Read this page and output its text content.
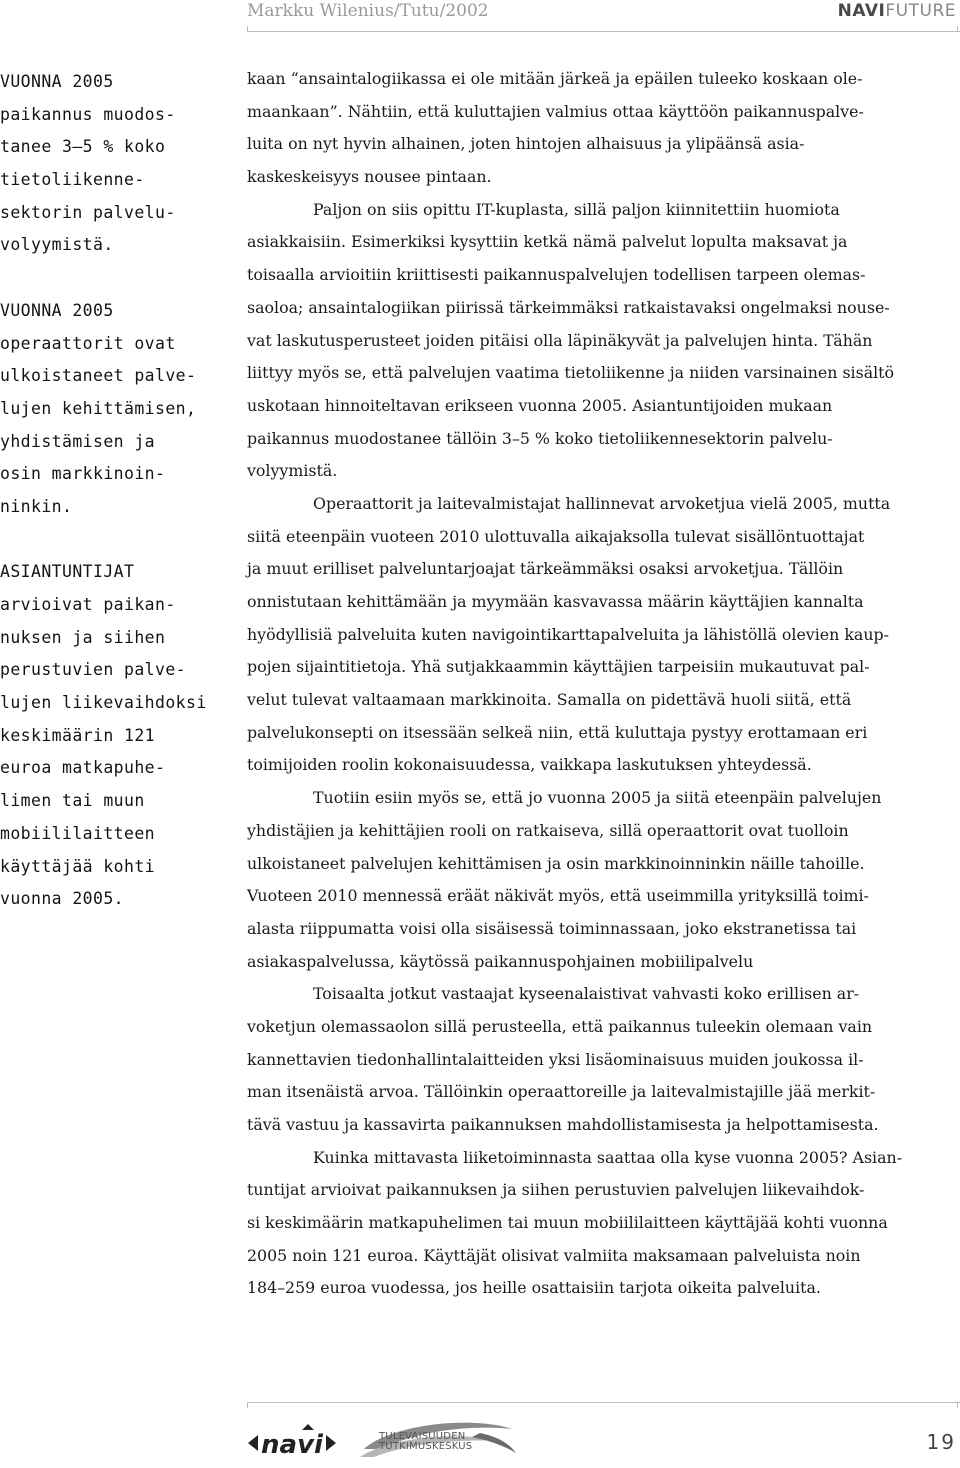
Markku Wilenius/Tutu/2002	NAVIFUTURE
VUONNA 2005
paikannus muodos-
tanee 3–5 % koko
tietoliikenne-
sektorin palvelu-
volyymistä.
VUONNA 2005
operaattorit ovat
ulkoistaneet palve-
lujen kehittämisen,
yhdistämisen ja
osin markkinoin-
ninkin.
ASIANTUNTIJAT
arvioivat paikan-
nuksen ja siihen
perustuvien palve-
lujen liikevaihdoksi
keskimäärin 121
euroa matkapuhe-
limen tai muun
mobiililaitteen
käyttäjää kohti
vuonna 2005.

kaan “ansaintalogiikassa ei ole mitään järkeä ja epäilen tuleeko koskaan ole-
maankaan”. Nähtiin, että kuluttajien valmius ottaa käyttöön paikannuspalve-
luita on nyt hyvin alhainen, joten hintojen alhaisuus ja ylipäänsä asia-
kaskeskeisyys nousee pintaan.

Paljon on siis opittu IT-kuplasta, sillä paljon kiinnitettiin huomiota
asiakkaisiin. Esimerkiksi kysyttiin ketkä nämä palvelut lopulta maksavat ja
toisaalla arvioitiin kriittisesti paikannuspalvelujen todellisen tarpeen olemas-
saoloa; ansaintalogiikan piirissä tärkeimmäksi ratkaistavaksi ongelmaksi nouse-
vat laskutusperusteet joiden pitäisi olla läpinäkyvät ja palvelujen hinta. Tähän
liittyy myös se, että palvelujen vaatima tietoliikenne ja niiden varsinainen sisältö
uskotaan hinnoiteltavan erikseen vuonna 2005. Asiantuntijoiden mukaan
paikannus muodostanee tällöin 3–5 % koko tietoliikennesektorin palvelu-
volyymistä.

Operaattorit ja laitevalmistajat hallinnevat arvoketjua vielä 2005, mutta
siitä eteenpäin vuoteen 2010 ulottuvalla aikajaksolla tulevat sisällöntuottajat
ja muut erilliset palveluntarjoajat tärkeämmäksi osaksi arvoketjua. Tällöin
onnistutaan kehittämään ja myymään kasvavassa määrin käyttäjien kannalta
hyödyllisiä palveluita kuten navigointikarttapalveluita ja lähistöllä olevien kaup-
pojen sijaintitietoja. Yhä sutjakkaammin käyttäjien tarpeisiin mukautuvat pal-
velut tulevat valtaamaan markkinoita. Samalla on pidettävä huoli siitä, että
palvelukonsepti on itsessään selkeä niin, että kuluttaja pystyy erottamaan eri
toimijoiden roolin kokonaisuudessa, vaikkapa laskutuksen yhteydessä.

Tuotiin esiin myös se, että jo vuonna 2005 ja siitä eteenpäin palvelujen
yhdistäjien ja kehittäjien rooli on ratkaiseva, sillä operaattorit ovat tuolloin
ulkoistaneet palvelujen kehittämisen ja osin markkinoinninkin näille tahoille.
Vuoteen 2010 mennessä eräät näkivät myös, että useimmilla yrityksillä toimi-
alasta riippumatta voisi olla sisäisessä toiminnassaan, joko ekstranetissa tai
asiakaspalvelussa, käytössä paikannuspohjainen mobiilipalvelu

Toisaalta jotkut vastaajat kyseenalaistivat vahvasti koko erillisen ar-
voketjun olemassaolon sillä perusteella, että paikannus tuleekin olemaan vain
kannettavien tiedonhallintalaitteiden yksi lisäominaisuus muiden joukossa il-
man itsenäistä arvoa. Tällöinkin operaattoreille ja laitevalmistajille jää merkit-
tävä vastuu ja kassavirta paikannuksen mahdollistamisesta ja helpottamisesta.

Kuinka mittavasta liiketoiminnasta saattaa olla kyse vuonna 2005? Asian-
tuntijat arvioivat paikannuksen ja siihen perustuvien palvelujen liikevaihdok-
si keskimäärin matkapuhelimen tai muun mobiililaitteen käyttäjää kohti vuonna
2005 noin 121 euroa. Käyttäjät olisivat valmiita maksamaan palveluista noin
184–259 euroa vuodessa, jos heille osattaisiin tarjota oikeita palveluita.

navi	TULEVAISUUDEN
TUTKIMUSKESKUS	19
